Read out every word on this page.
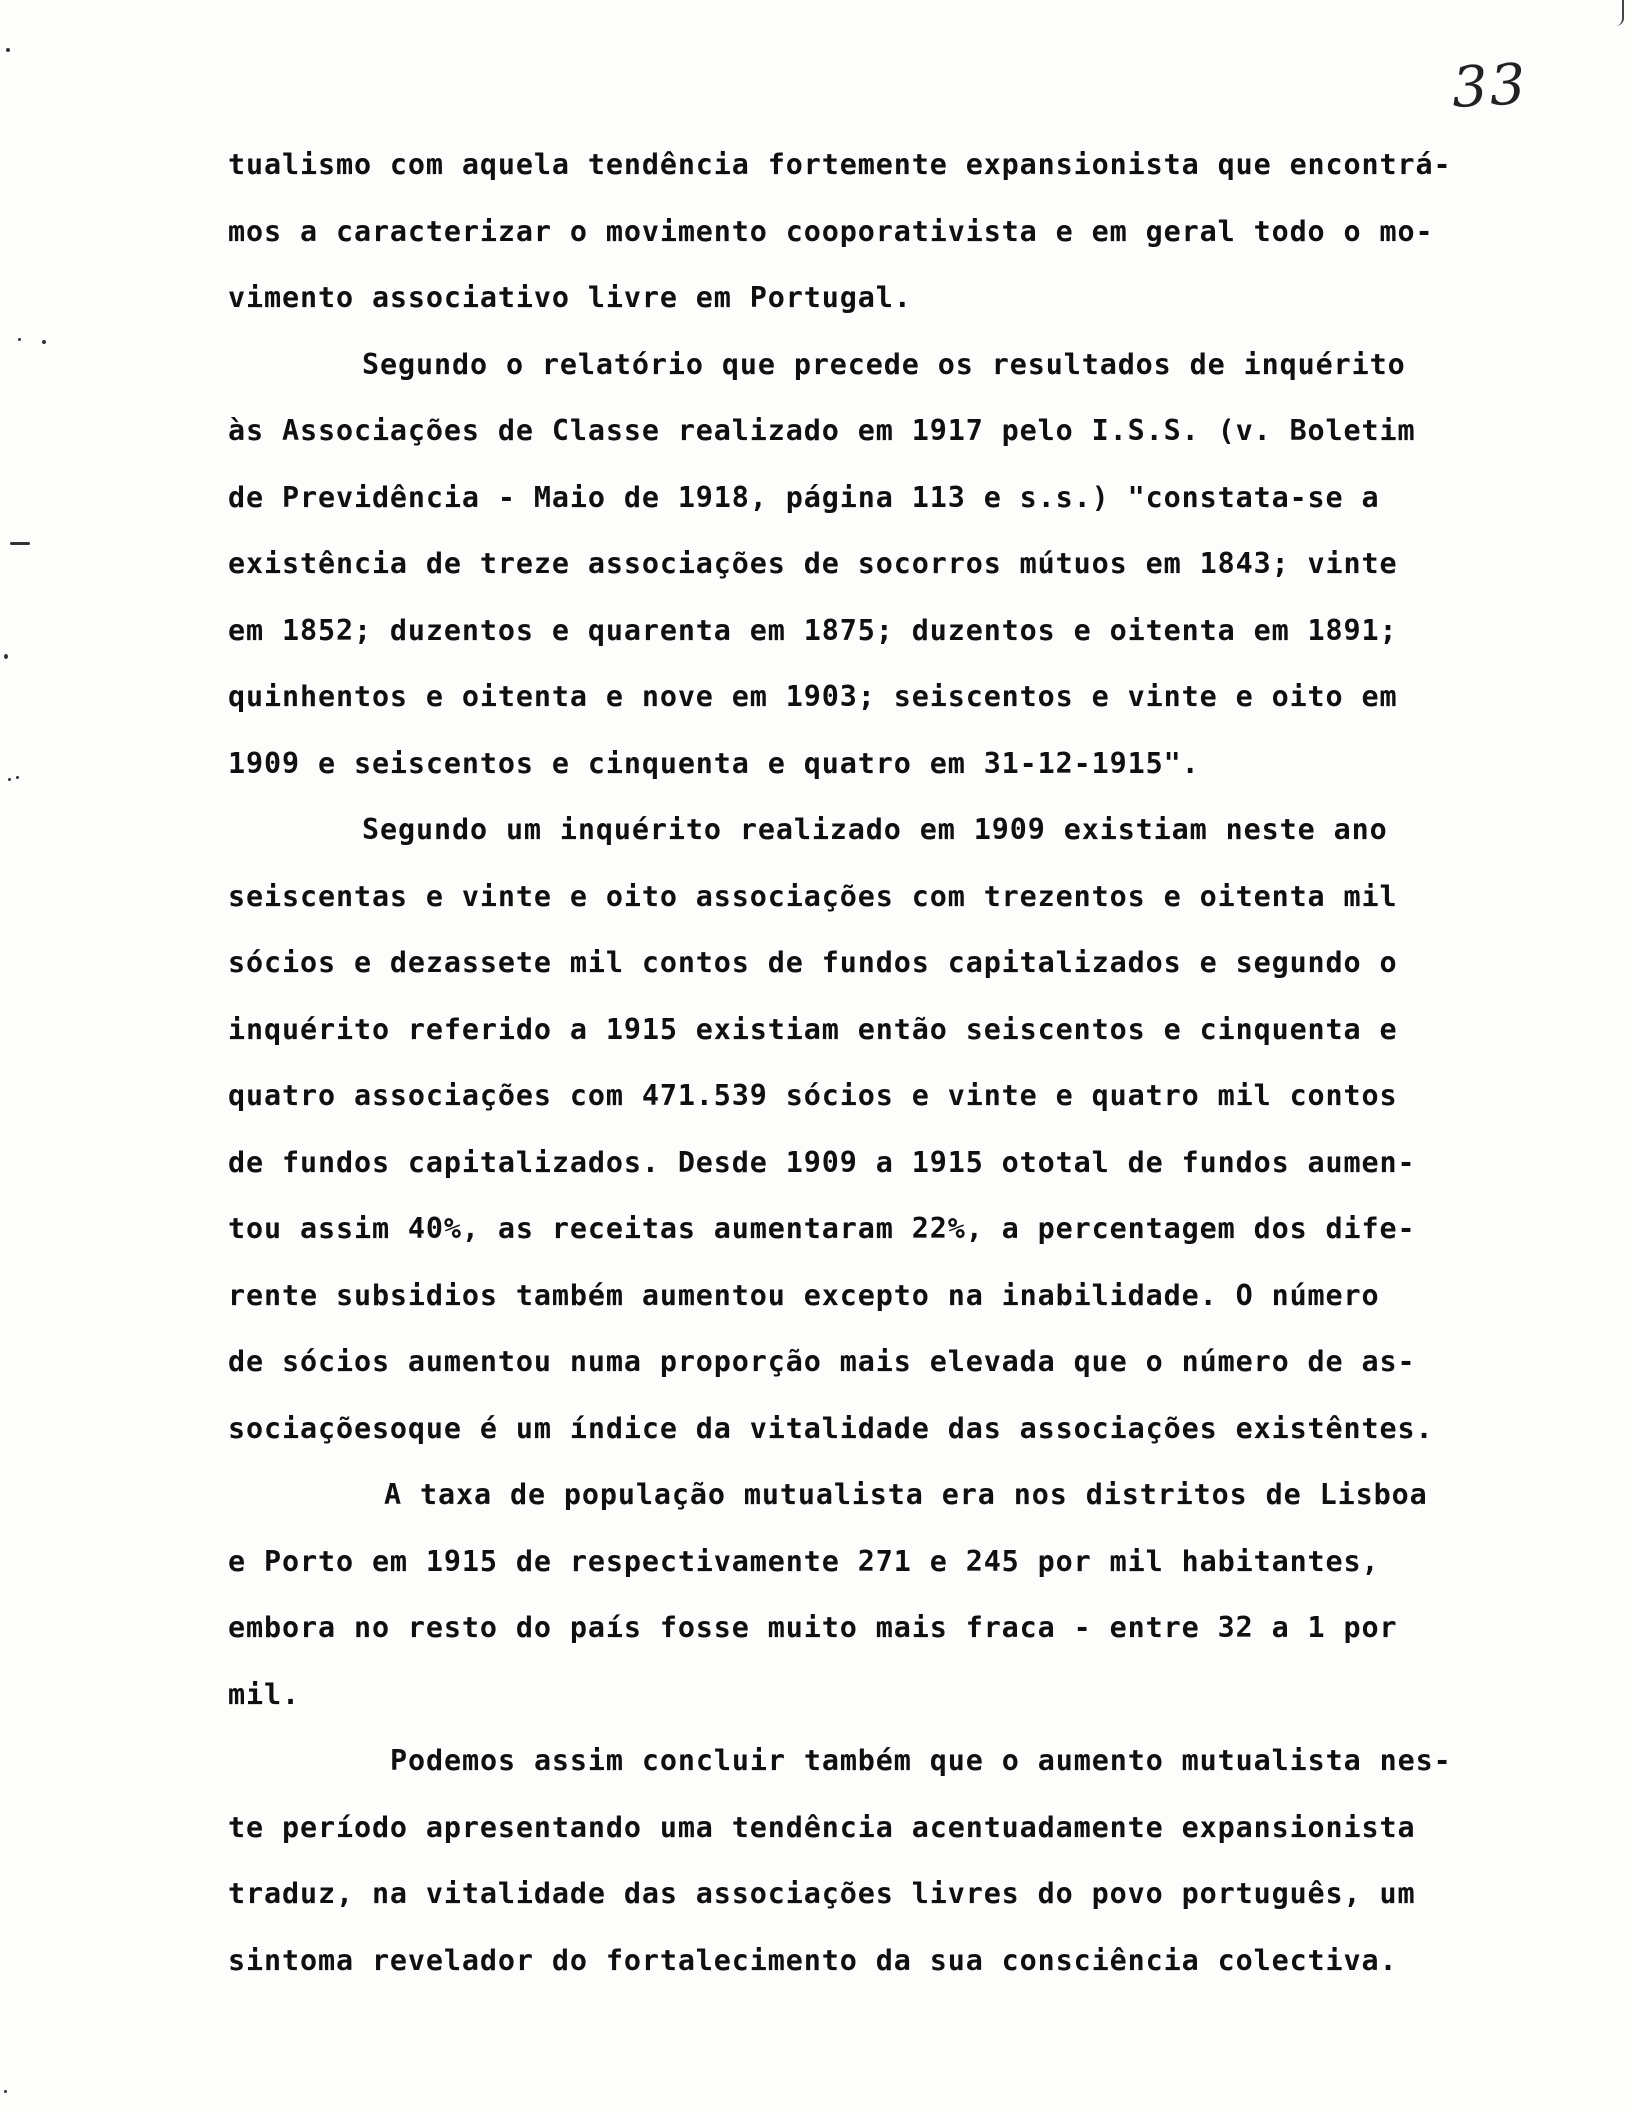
33
tualismo com aquela tendência fortemente expansionista que encontrá-
mos a caracterizar o movimento cooporativista e em geral todo o mo-
vimento associativo livre em Portugal.
Segundo o relatório que precede os resultados de inquérito
às Associações de Classe realizado em 1917 pelo I.S.S. (v. Boletim
de Previdência - Maio de 1918, página 113 e s.s.) "constata-se a
existência de treze associações de socorros mútuos em 1843; vinte
em 1852; duzentos e quarenta em 1875; duzentos e oitenta em 1891;
quinhentos e oitenta e nove em 1903; seiscentos e vinte e oito em
1909 e seiscentos e cinquenta e quatro em 31-12-1915".
Segundo um inquérito realizado em 1909 existiam neste ano
seiscentas e vinte e oito associações com trezentos e oitenta mil
sócios e dezassete mil contos de fundos capitalizados e segundo o
inquérito referido a 1915 existiam então seiscentos e cinquenta e
quatro associações com 471.539 sócios e vinte e quatro mil contos
de fundos capitalizados. Desde 1909 a 1915 ototal de fundos aumen-
tou assim 40%, as receitas aumentaram 22%, a percentagem dos dife-
rente subsidios também aumentou excepto na inabilidade. O número
de sócios aumentou numa proporção mais elevada que o número de as-
sociaçõesoque é um índice da vitalidade das associações existêntes.
A taxa de população mutualista era nos distritos de Lisboa
e Porto em 1915 de respectivamente 271 e 245 por mil habitantes,
embora no resto do país fosse muito mais fraca - entre 32 a 1 por
mil.
Podemos assim concluir também que o aumento mutualista nes-
te período apresentando uma tendência acentuadamente expansionista
traduz, na vitalidade das associações livres do povo português, um
sintoma revelador do fortalecimento da sua consciência colectiva.
